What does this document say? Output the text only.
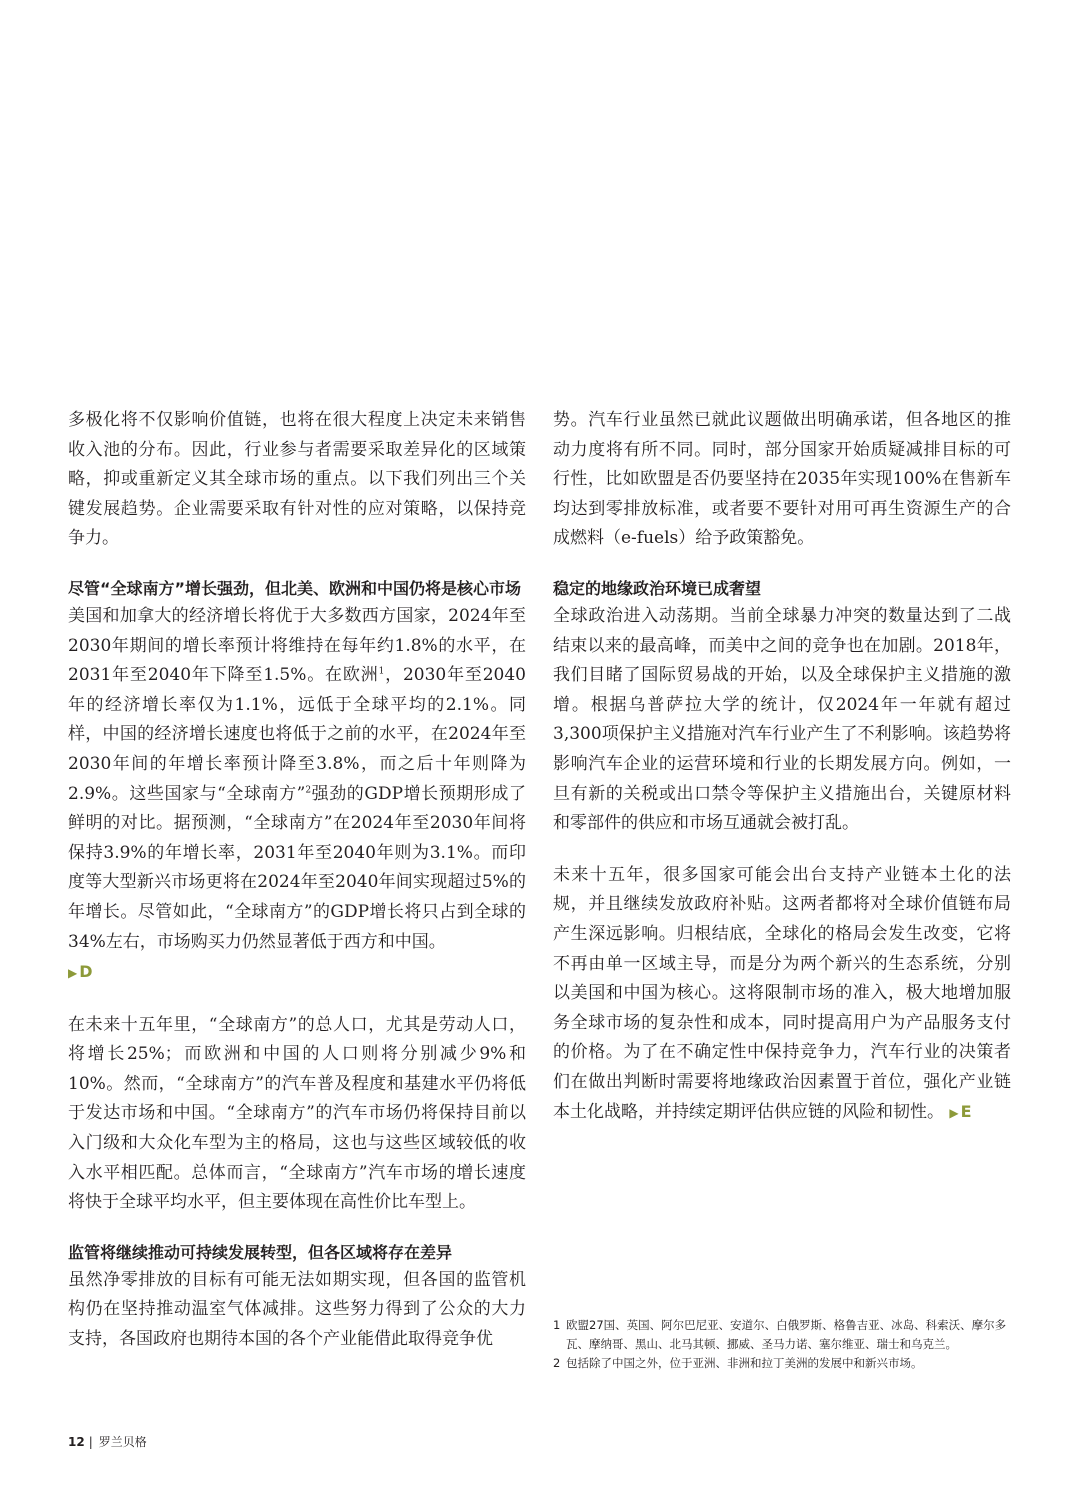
多极化将不仅影响价值链，也将在很大程度上决定未来销售收入池的分布。因此，行业参与者需要采取差异化的区域策略，抑或重新定义其全球市场的重点。以下我们列出三个关键发展趋势。企业需要采取有针对性的应对策略，以保持竞争力。

尽管“全球南方”增长强劲，但北美、欧洲和中国仍将是核心市场

美国和加拿大的经济增长将优于大多数西方国家，2024年至2030年期间的增长率预计将维持在每年约1.8%的水平，在2031年至2040年下降至1.5%。在欧洲$^1$，2030年至2040年的经济增长率仅为1.1%，远低于全球平均的2.1%。同样，中国的经济增长速度也将低于之前的水平，在2024年至2030年间的年增长率预计降至3.8%，而之后十年则降为2.9%。这些国家与“全球南方”$^2$强劲的GDP增长预期形成了鲜明的对比。据预测，“全球南方”在2024年至2030年间将保持3.9%的年增长率，2031年至2040年则为3.1%。而印度等大型新兴市场更将在2024年至2040年间实现超过5%的年增长。尽管如此，“全球南方”的GDP增长将只占到全球的34%左右，市场购买力仍然显著低于西方和中国。
▶ D

在未来十五年里，“全球南方”的总人口，尤其是劳动人口，将增长25%；而欧洲和中国的人口则将分别减少9%和10%。然而，“全球南方”的汽车普及程度和基建水平仍将低于发达市场和中国。“全球南方”的汽车市场仍将保持目前以入门级和大众化车型为主的格局，这也与这些区域较低的收入水平相匹配。总体而言，“全球南方”汽车市场的增长速度将快于全球平均水平，但主要体现在高性价比车型上。

监管将继续推动可持续发展转型，但各区域将存在差异

虽然净零排放的目标有可能无法如期实现，但各国的监管机构仍在坚持推动温室气体减排。这些努力得到了公众的大力支持，各国政府也期待本国的各个产业能借此取得竞争优

势。汽车行业虽然已就此议题做出明确承诺，但各地区的推动力度将有所不同。同时，部分国家开始质疑减排目标的可行性，比如欧盟是否仍要坚持在2035年实现100%在售新车均达到零排放标准，或者要不要针对用可再生资源生产的合成燃料（e-fuels）给予政策豁免。

稳定的地缘政治环境已成奢望

全球政治进入动荡期。当前全球暴力冲突的数量达到了二战结束以来的最高峰，而美中之间的竞争也在加剧。2018年，我们目睹了国际贸易战的开始，以及全球保护主义措施的激增。根据乌普萨拉大学的统计，仅2024年一年就有超过3,300项保护主义措施对汽车行业产生了不利影响。该趋势将影响汽车企业的运营环境和行业的长期发展方向。例如，一旦有新的关税或出口禁令等保护主义措施出台，关键原材料和零部件的供应和市场互通就会被打乱。

未来十五年，很多国家可能会出台支持产业链本土化的法规，并且继续发放政府补贴。这两者都将对全球价值链布局产生深远影响。归根结底，全球化的格局会发生改变，它将不再由单一区域主导，而是分为两个新兴的生态系统，分别以美国和中国为核心。这将限制市场的准入，极大地增加服务全球市场的复杂性和成本，同时提高用户为产品服务支付的价格。为了在不确定性中保持竞争力，汽车行业的决策者们在做出判断时需要将地缘政治因素置于首位，强化产业链本土化战略，并持续定期评估供应链的风险和韧性。 ▶ E

1 欧盟27国、英国、阿尔巴尼亚、安道尔、白俄罗斯、格鲁吉亚、冰岛、科索沃、摩尔多瓦、摩纳哥、黑山、北马其顿、挪威、圣马力诺、塞尔维亚、瑞士和乌克兰。
2 包括除了中国之外，位于亚洲、非洲和拉丁美洲的发展中和新兴市场。
12 | 罗兰贝格
